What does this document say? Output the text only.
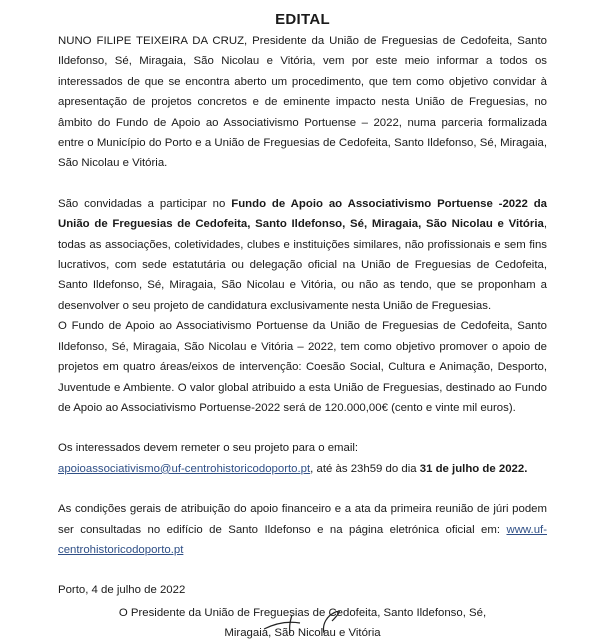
EDITAL

NUNO FILIPE TEIXEIRA DA CRUZ, Presidente da União de Freguesias de Cedofeita, Santo Ildefonso, Sé, Miragaia, São Nicolau e Vitória, vem por este meio informar a todos os interessados de que se encontra aberto um procedimento, que tem como objetivo convidar à apresentação de projetos concretos e de eminente impacto nesta União de Freguesias, no âmbito do Fundo de Apoio ao Associativismo Portuense – 2022, numa parceria formalizada entre o Município do Porto e a União de Freguesias de Cedofeita, Santo Ildefonso, Sé, Miragaia, São Nicolau e Vitória.

São convidadas a participar no Fundo de Apoio ao Associativismo Portuense -2022 da União de Freguesias de Cedofeita, Santo Ildefonso, Sé, Miragaia, São Nicolau e Vitória, todas as associações, coletividades, clubes e instituições similares, não profissionais e sem fins lucrativos, com sede estatutária ou delegação oficial na União de Freguesias de Cedofeita, Santo Ildefonso, Sé, Miragaia, São Nicolau e Vitória, ou não as tendo, que se proponham a desenvolver o seu projeto de candidatura exclusivamente nesta União de Freguesias.

O Fundo de Apoio ao Associativismo Portuense da União de Freguesias de Cedofeita, Santo Ildefonso, Sé, Miragaia, São Nicolau e Vitória – 2022, tem como objetivo promover o apoio de projetos em quatro áreas/eixos de intervenção: Coesão Social, Cultura e Animação, Desporto, Juventude e Ambiente. O valor global atribuido a esta União de Freguesias, destinado ao Fundo de Apoio ao Associativismo Portuense-2022 será de 120.000,00€ (cento e vinte mil euros).

Os interessados devem remeter o seu projeto para o email:

apoioassociativismo@uf-centrohistoricodoporto.pt, até às 23h59 do dia 31 de julho de 2022.

As condições gerais de atribuição do apoio financeiro e a ata da primeira reunião de júri podem ser consultadas no edifício de Santo Ildefonso e na página eletrónica oficial em: www.uf-centrohistoricodoporto.pt

Porto, 4 de julho de 2022

O Presidente da União de Freguesias de Cedofeita, Santo Ildefonso, Sé, Miragaia, São Nicolau e Vitória
